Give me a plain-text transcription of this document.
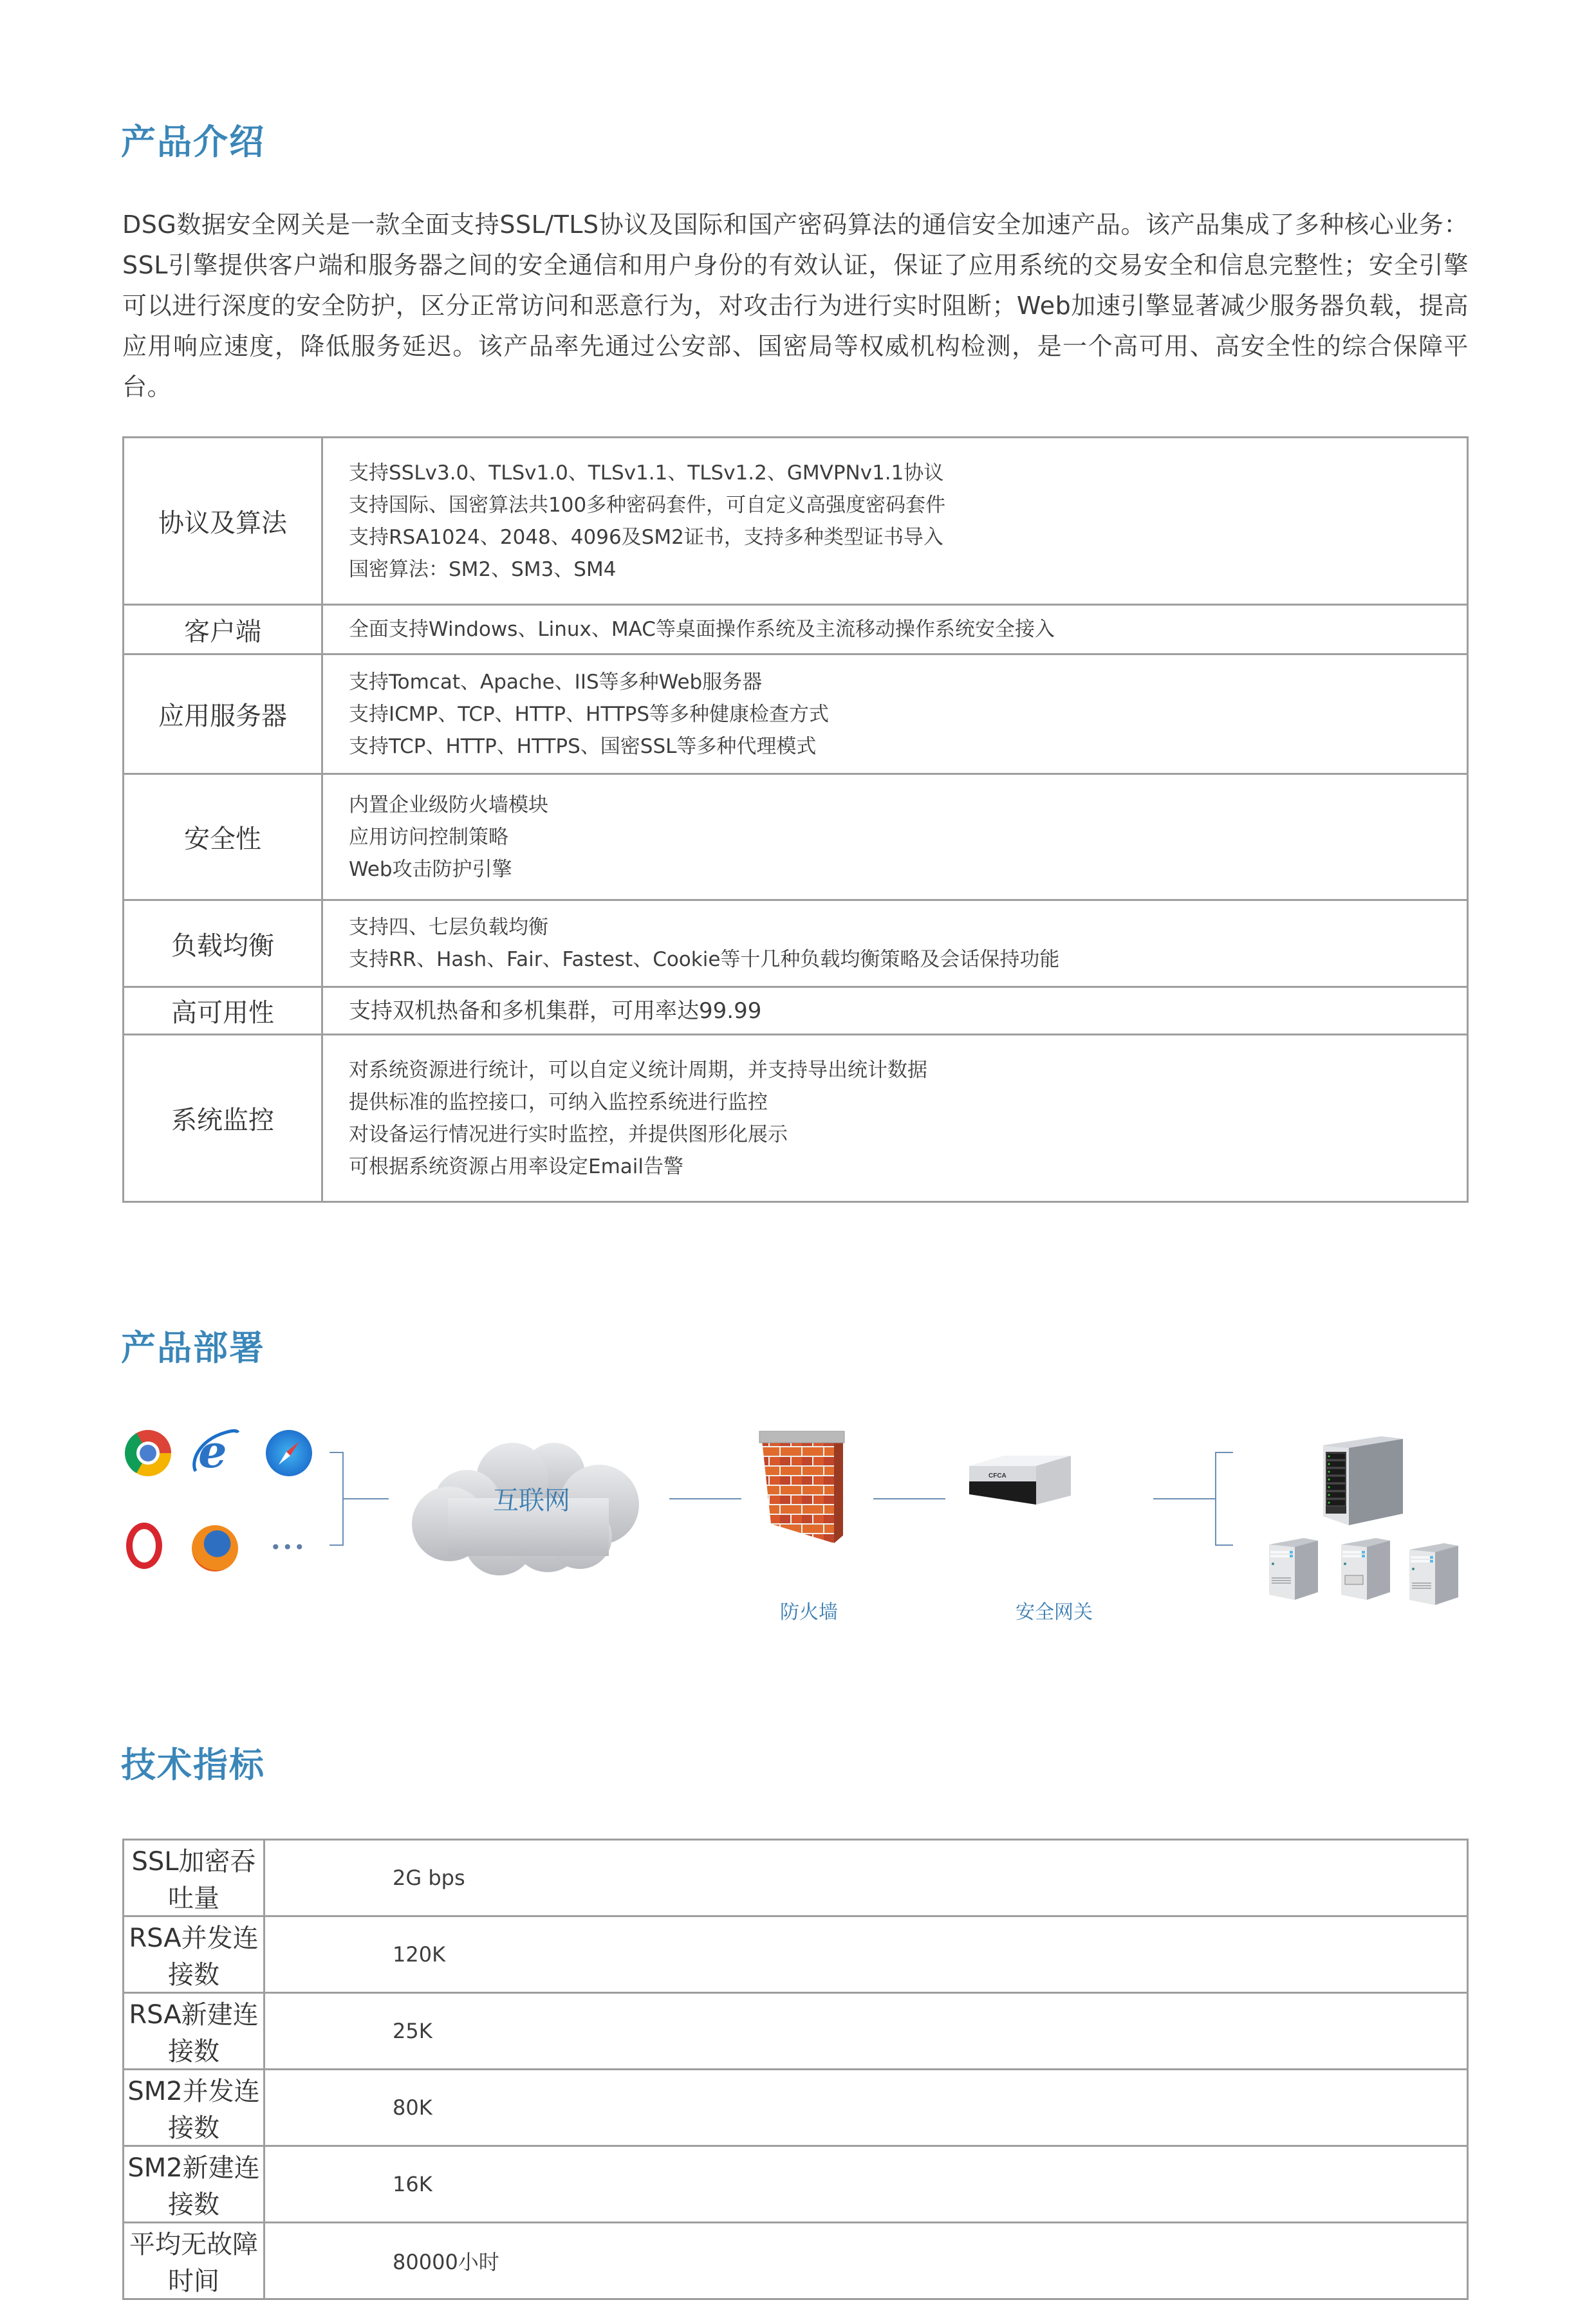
产品介绍

DSG数据安全网关是一款全面支持SSL/TLS协议及国际和国产密码算法的通信安全加速产品。该产品集成了多种核心业务：SSL引擎提供客户端和服务器之间的安全通信和用户身份的有效认证，保证了应用系统的交易安全和信息完整性；安全引擎可以进行深度的安全防护，区分正常访问和恶意行为，对攻击行为进行实时阻断；Web加速引擎显著减少服务器负载，提高应用响应速度，降低服务延迟。该产品率先通过公安部、国密局等权威机构检测，是一个高可用、高安全性的综合保障平台。

协议及算法	支持SSLv3.0、TLSv1.0、TLSv1.1、TLSv1.2、GMVPNv1.1协议
支持国际、国密算法共100多种密码套件，可自定义高强度密码套件
支持RSA1024、2048、4096及SM2证书，支持多种类型证书导入
国密算法：SM2、SM3、SM4

客户端	全面支持Windows、Linux、MAC等桌面操作系统及主流移动操作系统安全接入

应用服务器	支持Tomcat、Apache、IIS等多种Web服务器
支持ICMP、TCP、HTTP、HTTPS等多种健康检查方式
支持TCP、HTTP、HTTPS、国密SSL等多种代理模式

安全性	内置企业级防火墙模块
应用访问控制策略
Web攻击防护引擎

负载均衡	支持四、七层负载均衡
支持RR、Hash、Fair、Fastest、Cookie等十几种负载均衡策略及会话保持功能

高可用性	支持双机热备和多机集群，可用率达99.99

系统监控	对系统资源进行统计，可以自定义统计周期，并支持导出统计数据
提供标准的监控接口，可纳入监控系统进行监控
对设备运行情况进行实时监控，并提供图形化展示
可根据系统资源占用率设定Email告警
产品部署
e
•••
互联网
防火墙
CFCA
安全网关
技术指标
SSL加密吞吐量	2G bps
RSA并发连接数	120K
RSA新建连接数	25K
SM2并发连接数	80K
SM2新建连接数	16K
平均无故障时间	80000小时
